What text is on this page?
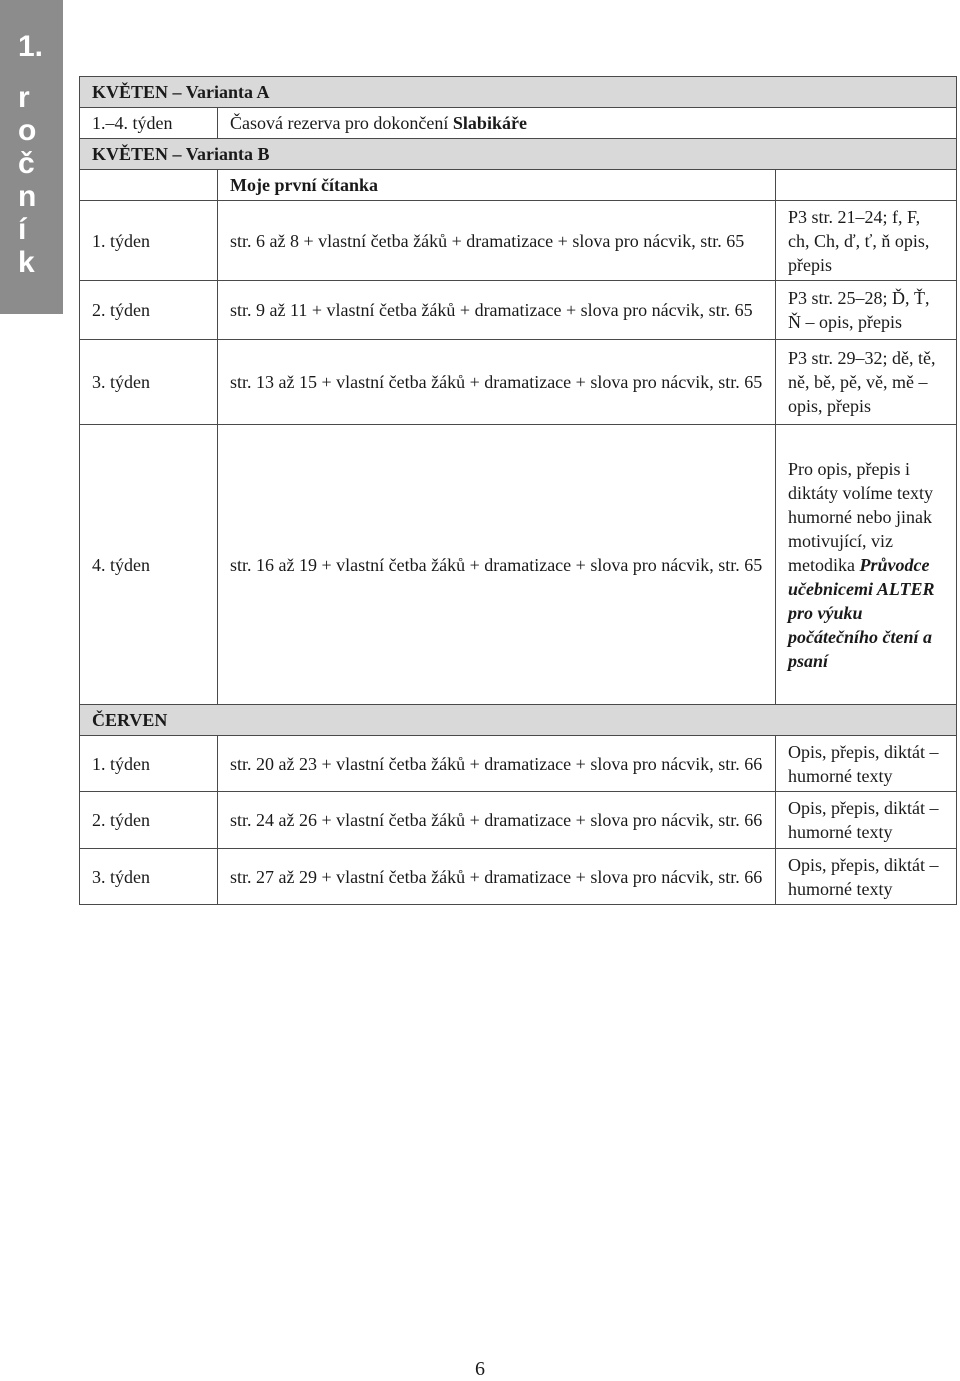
1.
r
o
č
n
í
k
KVĚTEN – Varianta A		
1.–4. týden	Časová rezerva pro dokončení Slabikáře	
KVĚTEN – Varianta B		
	Moje první čítanka	
1. týden	str. 6 až 8 + vlastní četba žáků + dramatizace + slova pro nácvik, str. 65	P3 str. 21–24; f, F, ch, Ch, ď, ť, ň opis, přepis
2. týden	str. 9 až 11 + vlastní četba žáků + dramatizace + slova pro nácvik, str. 65	P3 str. 25–28; Ď, Ť, Ň – opis, přepis
3. týden	str. 13 až 15 + vlastní četba žáků + dramatizace + slova pro nácvik, str. 65	P3 str. 29–32; dě, tě, ně, bě, pě, vě, mě – opis, přepis
4. týden	str. 16 až 19 + vlastní četba žáků + dramatizace + slova pro nácvik, str. 65	Pro opis, přepis i diktáty volíme texty humorné nebo jinak motivující, viz metodika Průvodce učebnicemi ALTER pro výuku počátečního čtení a psaní
ČERVEN		
1. týden	str. 20 až 23 + vlastní četba žáků + dramatizace + slova pro nácvik, str. 66	Opis, přepis, diktát – humorné texty
2. týden	str. 24 až 26 + vlastní četba žáků + dramatizace + slova pro nácvik, str. 66	Opis, přepis, diktát – humorné texty
3. týden	str. 27 až 29 + vlastní četba žáků + dramatizace + slova pro nácvik, str. 66	Opis, přepis, diktát – humorné texty
6
